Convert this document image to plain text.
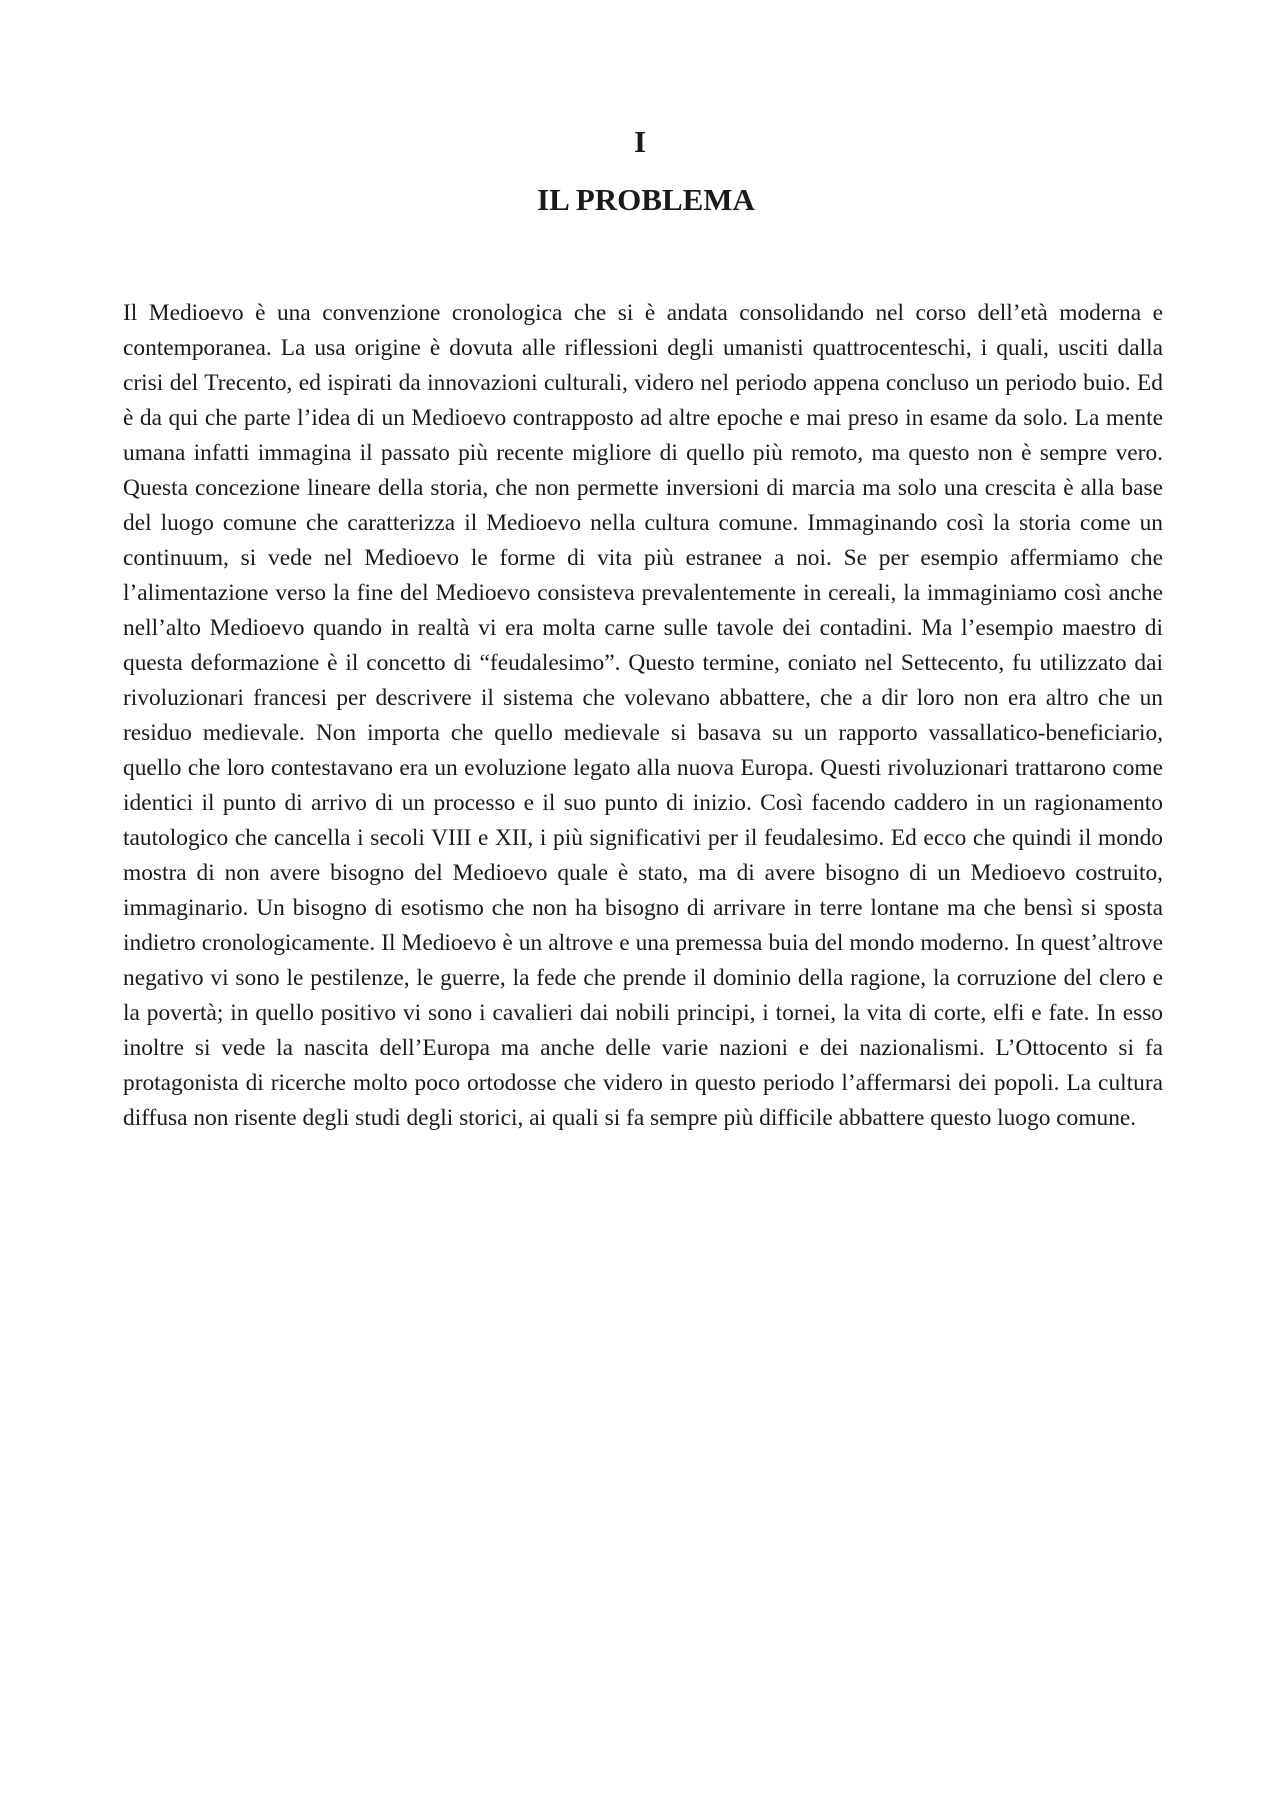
I
IL PROBLEMA

Il Medioevo è una convenzione cronologica che si è andata consolidando nel corso dell’età moderna e contemporanea. La usa origine è dovuta alle riflessioni degli umanisti quattrocenteschi, i quali, usciti dalla crisi del Trecento, ed ispirati da innovazioni culturali, videro nel periodo appena concluso un periodo buio. Ed è da qui che parte l’idea di un Medioevo contrapposto ad altre epoche e mai preso in esame da solo. La mente umana infatti immagina il passato più recente migliore di quello più remoto, ma questo non è sempre vero. Questa concezione lineare della storia, che non permette inversioni di marcia ma solo una crescita è alla base del luogo comune che caratterizza il Medioevo nella cultura comune. Immaginando così la storia come un continuum, si vede nel Medioevo le forme di vita più estranee a noi. Se per esempio affermiamo che l’alimentazione verso la fine del Medioevo consisteva prevalentemente in cereali, la immaginiamo così anche nell’alto Medioevo quando in realtà vi era molta carne sulle tavole dei contadini. Ma l’esempio maestro di questa deformazione è il concetto di “feudalesimo”. Questo termine, coniato nel Settecento, fu utilizzato dai rivoluzionari francesi per descrivere il sistema che volevano abbattere, che a dir loro non era altro che un residuo medievale. Non importa che quello medievale si basava su un rapporto vassallatico-beneficiario, quello che loro contestavano era un evoluzione legato alla nuova Europa. Questi rivoluzionari trattarono come identici il punto di arrivo di un processo e il suo punto di inizio. Così facendo caddero in un ragionamento tautologico che cancella i secoli VIII e XII, i più significativi per il feudalesimo. Ed ecco che quindi il mondo mostra di non avere bisogno del Medioevo quale è stato, ma di avere bisogno di un Medioevo costruito, immaginario. Un bisogno di esotismo che non ha bisogno di arrivare in terre lontane ma che bensì si sposta indietro cronologicamente. Il Medioevo è un altrove e una premessa buia del mondo moderno. In quest’altrove negativo vi sono le pestilenze, le guerre, la fede che prende il dominio della ragione, la corruzione del clero e la povertà; in quello positivo vi sono i cavalieri dai nobili principi, i tornei, la vita di corte, elfi e fate. In esso inoltre si vede la nascita dell’Europa ma anche delle varie nazioni e dei nazionalismi. L’Ottocento si fa protagonista di ricerche molto poco ortodosse che videro in questo periodo l’affermarsi dei popoli. La cultura diffusa non risente degli studi degli storici, ai quali si fa sempre più difficile abbattere questo luogo comune.
